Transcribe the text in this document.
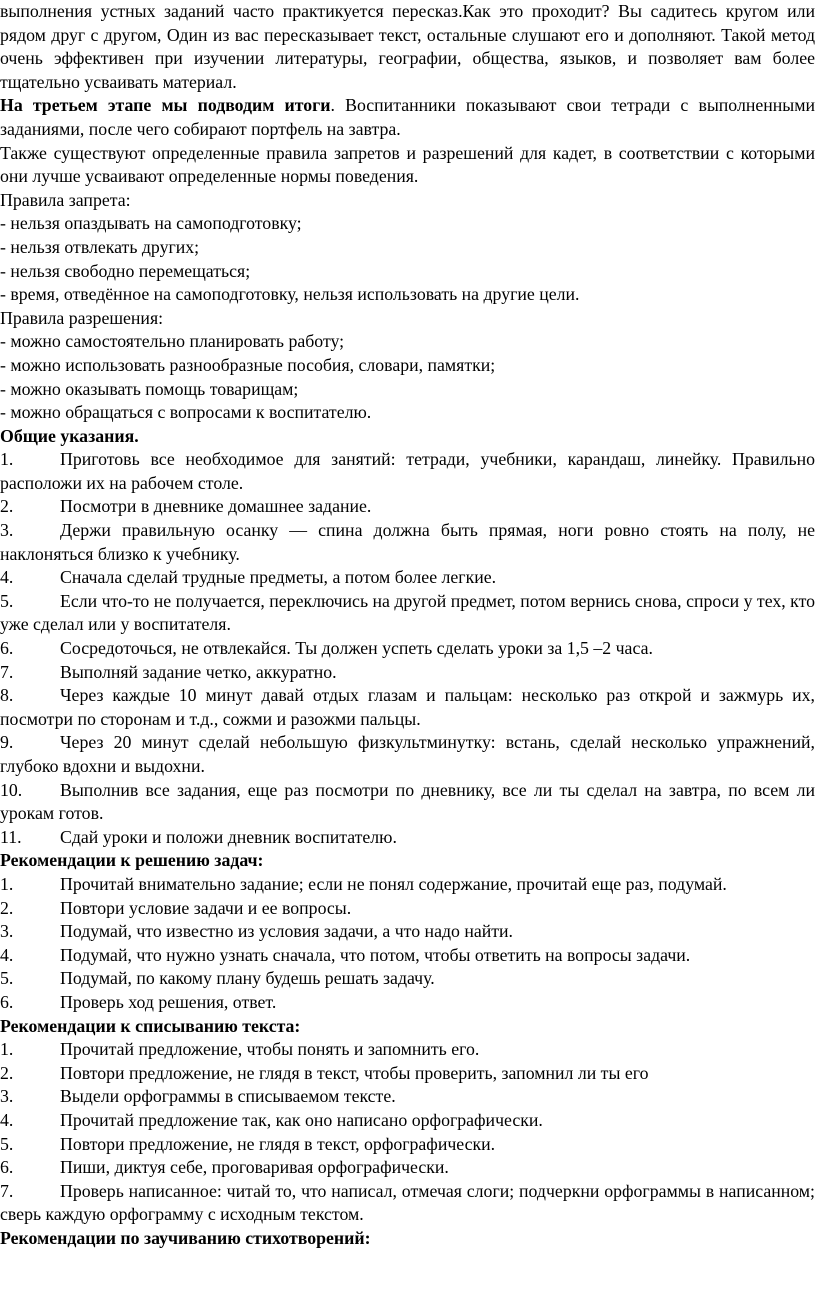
выполнения устных заданий часто практикуется пересказ.Как это проходит? Вы садитесь кругом или рядом друг с другом, Один из вас пересказывает текст, остальные слушают его и дополняют. Такой метод очень эффективен при изучении литературы, географии, общества, языков, и позволяет вам более тщательно усваивать материал.

На третьем этапе мы подводим итоги. Воспитанники показывают свои тетради с выполненными заданиями, после чего собирают портфель на завтра.

Также существуют определенные правила запретов и разрешений для кадет, в соответствии с которыми они лучше усваивают определенные нормы поведения.

Правила запрета:

- нельзя опаздывать на самоподготовку;

- нельзя отвлекать других;

- нельзя свободно перемещаться;

- время, отведённое на самоподготовку, нельзя использовать на другие цели.

Правила разрешения:

- можно самостоятельно планировать работу;

- можно использовать разнообразные пособия, словари, памятки;

- можно оказывать помощь товарищам;

- можно обращаться с вопросами к воспитателю.

Общие указания.

1.	Приготовь все необходимое для занятий: тетради, учебники, карандаш, линейку. Правильно расположи их на рабочем столе.

2.	Посмотри в дневнике домашнее задание.

3.	Держи правильную осанку — спина должна быть прямая, ноги ровно стоять на полу, не наклоняться близко к учебнику.

4.	Сначала сделай трудные предметы, а потом более легкие.

5.	Если что-то не получается, переключись на другой предмет, потом вернись снова, спроси у тех, кто уже сделал или у воспитателя.

6.	Сосредоточься, не отвлекайся. Ты должен успеть сделать уроки за 1,5 –2 часа.

7.	Выполняй задание четко, аккуратно.

8.	Через каждые 10 минут давай отдых глазам и пальцам: несколько раз открой и зажмурь их, посмотри по сторонам и т.д., сожми и разожми пальцы.

9.	Через 20 минут сделай небольшую физкультминутку: встань, сделай несколько упражнений, глубоко вдохни и выдохни.

10. Выполнив все задания, еще раз посмотри по дневнику, все ли ты сделал на завтра, по всем ли урокам готов.

11. Сдай уроки и положи дневник воспитателю.

Рекомендации к решению задач:

1.	Прочитай внимательно задание; если не понял содержание, прочитай еще раз, подумай.

2.	Повтори условие задачи и ее вопросы.

3.	Подумай, что известно из условия задачи, а что надо найти.

4.	Подумай, что нужно узнать сначала, что потом, чтобы ответить на вопросы задачи.

5.	Подумай, по какому плану будешь решать задачу.

6.	Проверь ход решения, ответ.

Рекомендации к списыванию текста:

1.	Прочитай предложение, чтобы понять и запомнить его.

2.	Повтори предложение, не глядя в текст, чтобы проверить, запомнил ли ты его

3.	Выдели орфограммы в списываемом тексте.

4.	Прочитай предложение так, как оно написано орфографически.

5.	Повтори предложение, не глядя в текст, орфографически.

6.	Пиши, диктуя себе, проговаривая орфографически.

7.	Проверь написанное: читай то, что написал, отмечая слоги; подчеркни орфограммы в написанном; сверь каждую орфограмму с исходным текстом.

Рекомендации по заучиванию стихотворений:
